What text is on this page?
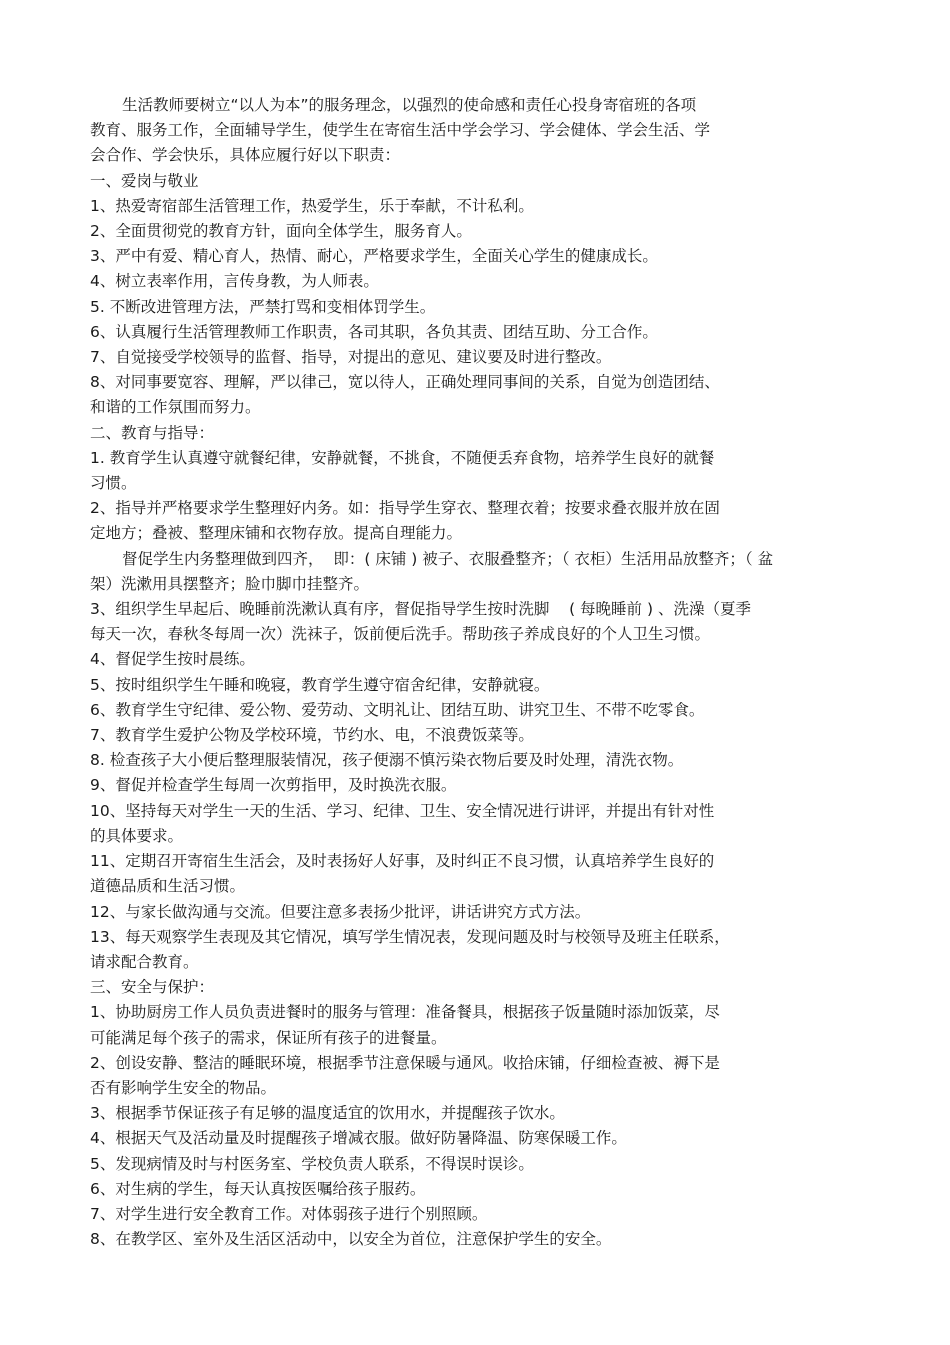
生活教师要树立“以人为本”的服务理念，以强烈的使命感和责任心投身寄宿班的各项

教育、服务工作，全面辅导学生，使学生在寄宿生活中学会学习、学会健体、学会生活、学

会合作、学会快乐，具体应履行好以下职责：

一、爱岗与敬业

1、热爱寄宿部生活管理工作，热爱学生，乐于奉献，不计私利。

2、全面贯彻党的教育方针，面向全体学生，服务育人。

3、严中有爱、精心育人，热情、耐心，严格要求学生，全面关心学生的健康成长。

4、树立表率作用，言传身教，为人师表。

5. 不断改进管理方法，严禁打骂和变相体罚学生。

6、认真履行生活管理教师工作职责，各司其职，各负其责、团结互助、分工合作。

7、自觉接受学校领导的监督、指导，对提出的意见、建议要及时进行整改。

8、对同事要宽容、理解，严以律己，宽以待人，正确处理同事间的关系，自觉为创造团结、

和谐的工作氛围而努力。

二、教育与指导：

1. 教育学生认真遵守就餐纪律，安静就餐，不挑食，不随便丢弃食物，培养学生良好的就餐

习惯。

2、指导并严格要求学生整理好内务。如：指导学生穿衣、整理衣着；按要求叠衣服并放在固

定地方；叠被、整理床铺和衣物存放。提高自理能力。

督促学生内务整理做到四齐，  即：( 床铺 ) 被子、衣服叠整齐；（ 衣柜）生活用品放整齐；（ 盆

架）洗漱用具摆整齐；脸巾脚巾挂整齐。

3、组织学生早起后、晚睡前洗漱认真有序，督促指导学生按时洗脚    ( 每晚睡前 ) 、洗澡（夏季

每天一次，春秋冬每周一次）洗袜子，饭前便后洗手。帮助孩子养成良好的个人卫生习惯。

4、督促学生按时晨练。

5、按时组织学生午睡和晚寝，教育学生遵守宿舍纪律，安静就寝。

6、教育学生守纪律、爱公物、爱劳动、文明礼让、团结互助、讲究卫生、不带不吃零食。

7、教育学生爱护公物及学校环境，节约水、电，不浪费饭菜等。

8. 检查孩子大小便后整理服装情况，孩子便溺不慎污染衣物后要及时处理，清洗衣物。

9、督促并检查学生每周一次剪指甲，及时换洗衣服。

10、坚持每天对学生一天的生活、学习、纪律、卫生、安全情况进行讲评，并提出有针对性

的具体要求。

11、定期召开寄宿生生活会，及时表扬好人好事，及时纠正不良习惯，认真培养学生良好的

道德品质和生活习惯。

12、与家长做沟通与交流。但要注意多表扬少批评，讲话讲究方式方法。

13、每天观察学生表现及其它情况，填写学生情况表，发现问题及时与校领导及班主任联系，

请求配合教育。

三、安全与保护：

1、协助厨房工作人员负责进餐时的服务与管理：准备餐具，根据孩子饭量随时添加饭菜，尽

可能满足每个孩子的需求，保证所有孩子的进餐量。

2、创设安静、整洁的睡眠环境，根据季节注意保暖与通风。收拾床铺，仔细检查被、褥下是

否有影响学生安全的物品。

3、根据季节保证孩子有足够的温度适宜的饮用水，并提醒孩子饮水。

4、根据天气及活动量及时提醒孩子增减衣服。做好防暑降温、防寒保暖工作。

5、发现病情及时与村医务室、学校负责人联系，不得误时误诊。

6、对生病的学生，每天认真按医嘱给孩子服药。

7、对学生进行安全教育工作。对体弱孩子进行个别照顾。

8、在教学区、室外及生活区活动中，以安全为首位，注意保护学生的安全。
